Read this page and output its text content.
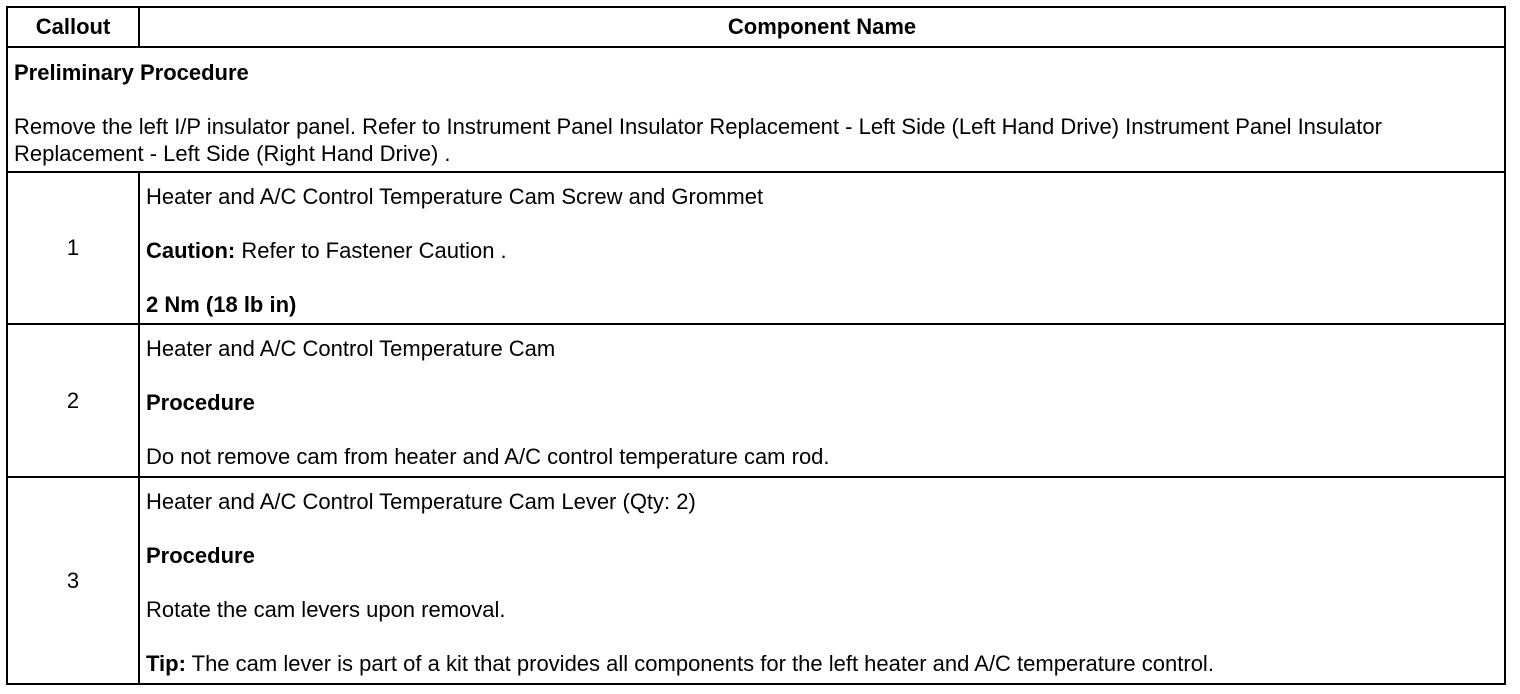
Callout	Component Name

Preliminary Procedure
Remove the left I/P insulator panel. Refer to Instrument Panel Insulator Replacement - Left Side (Left Hand Drive) Instrument Panel Insulator Replacement - Left Side (Right Hand Drive) .	

1	Heater and A/C Control Temperature Cam Screw and Grommet
Caution: Refer to Fastener Caution .
2 Nm (18 lb in)

2	Heater and A/C Control Temperature Cam
Procedure
Do not remove cam from heater and A/C control temperature cam rod.

3	Heater and A/C Control Temperature Cam Lever (Qty: 2)
Procedure
Rotate the cam levers upon removal.
Tip: The cam lever is part of a kit that provides all components for the left heater and A/C temperature control.
